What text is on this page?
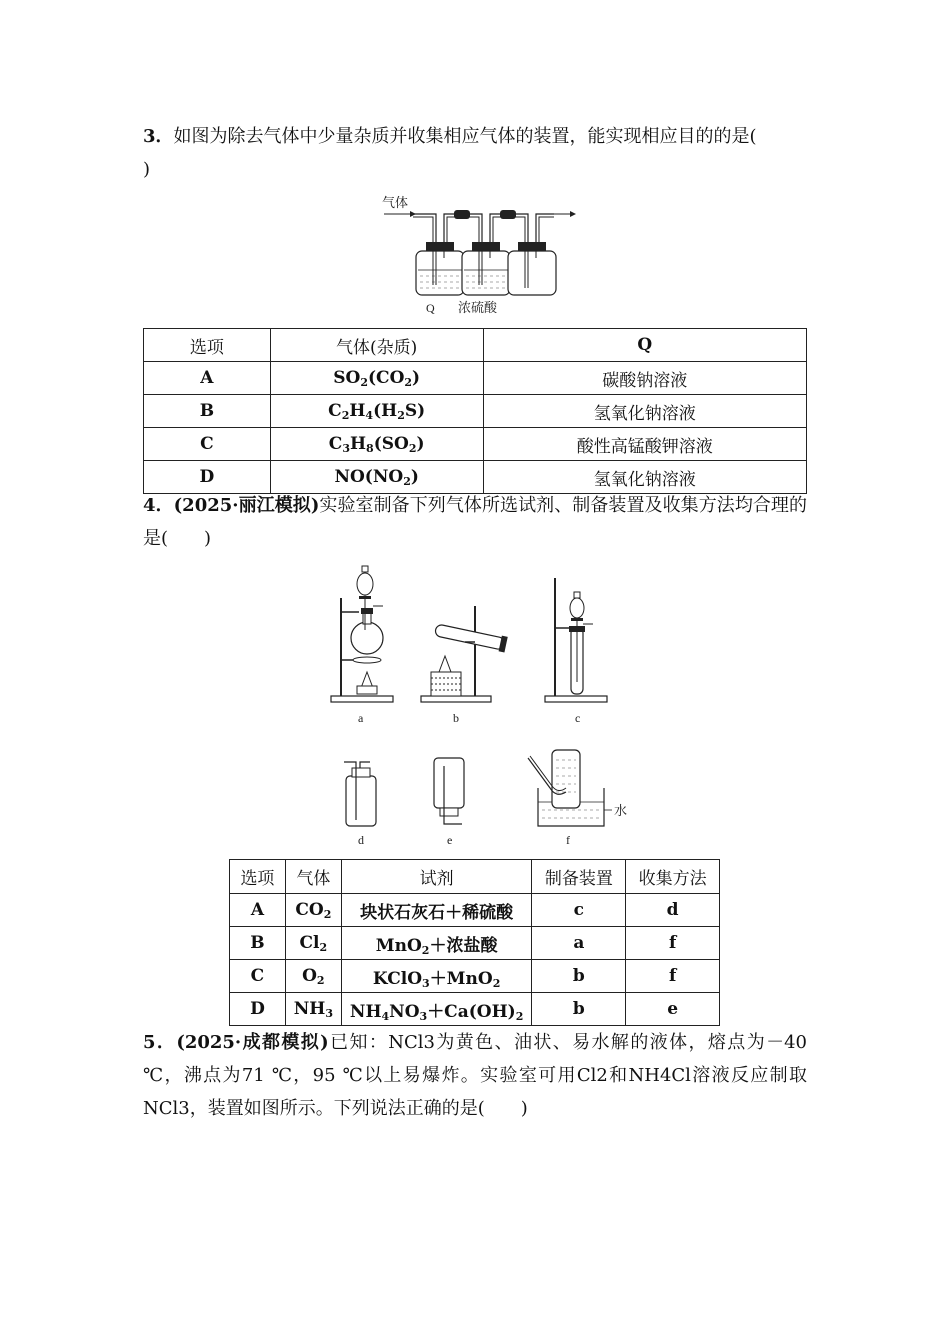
3．如图为除去气体中少量杂质并收集相应气体的装置，能实现相应目的的是(
)
气体
Q 浓硫酸
选项	气体(杂质)	Q
A	$SO_2(CO_2)$	碳酸钠溶液
B	$C_2H_4(H_2S)$	氢氧化钠溶液
C	$C_3H_8(SO_2)$	酸性高锰酸钾溶液
D	$NO(NO_2)$	氢氧化钠溶液
4．(2025·丽江模拟)实验室制备下列气体所选试剂、制备装置及收集方法均合理的是(　　)
a	b	c
d	e
水
f
选项	气体	试剂	制备装置	收集方法
A	$CO_2$	块状石灰石＋稀硫酸	c	d
B	$Cl_2$	MnO$_2$＋浓盐酸	a	f
C	$O_2$	KClO$_3$＋MnO$_2$	b	f
D	$NH_3$	$NH_4NO_3+Ca(OH)_2$	b	e
5．(2025·成都模拟)已知：NCl3为黄色、油状、易水解的液体，熔点为－40 ℃，沸点为71 ℃，95 ℃以上易爆炸。实验室可用Cl2和NH4Cl溶液反应制取NCl3，装置如图所示。下列说法正确的是(　　)
